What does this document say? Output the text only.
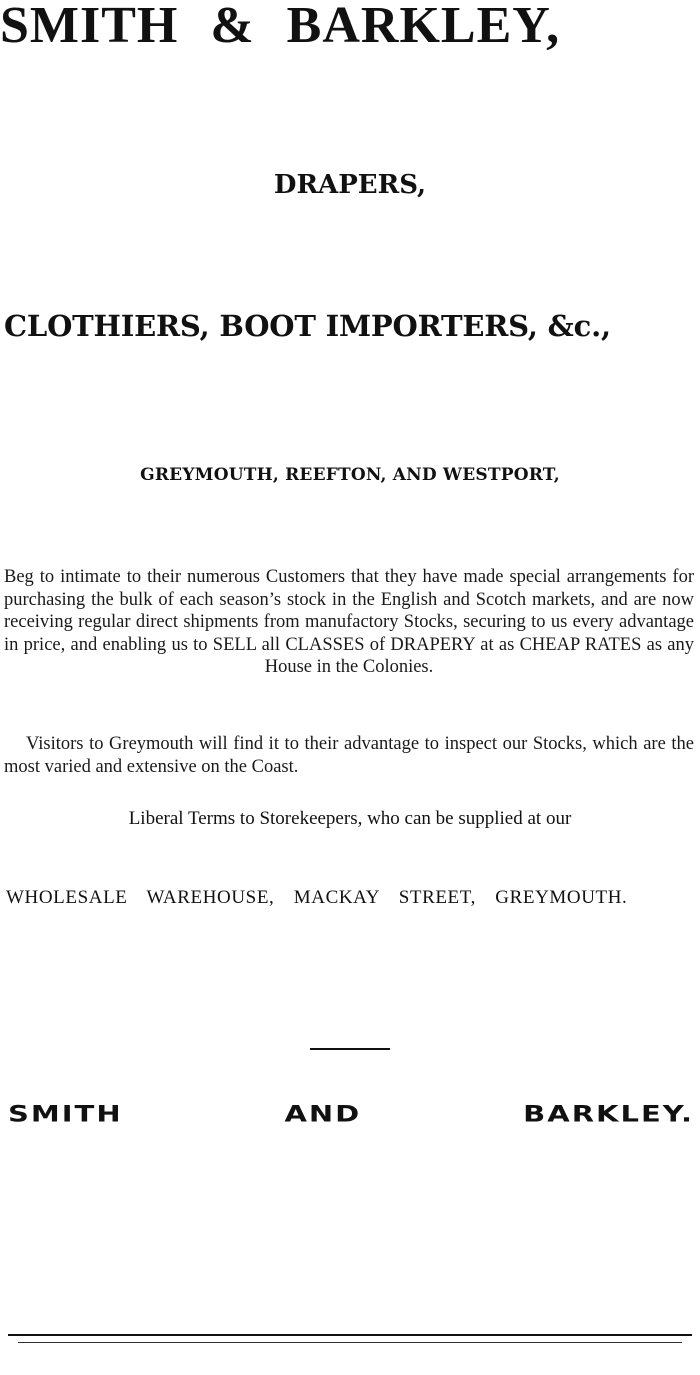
SMITH & BARKLEY,
DRAPERS,
CLOTHIERS, BOOT IMPORTERS, &c.,
GREYMOUTH, REEFTON, AND WESTPORT,
Beg to intimate to their numerous Customers that they have made special arrangements for purchasing the bulk of each season’s stock in the English and Scotch markets, and are now receiving regular direct shipments from manufactory Stocks, securing to us every advantage in price, and enabling us to SELL all CLASSES of DRAPERY at as CHEAP RATES as any House in the Colonies.
Visitors to Greymouth will find it to their advantage to inspect our Stocks, which are the most varied and extensive on the Coast.
Liberal Terms to Storekeepers, who can be supplied at our
WHOLESALE WAREHOUSE, MACKAY STREET, GREYMOUTH.
SMITH	AND	BARKLEY.
